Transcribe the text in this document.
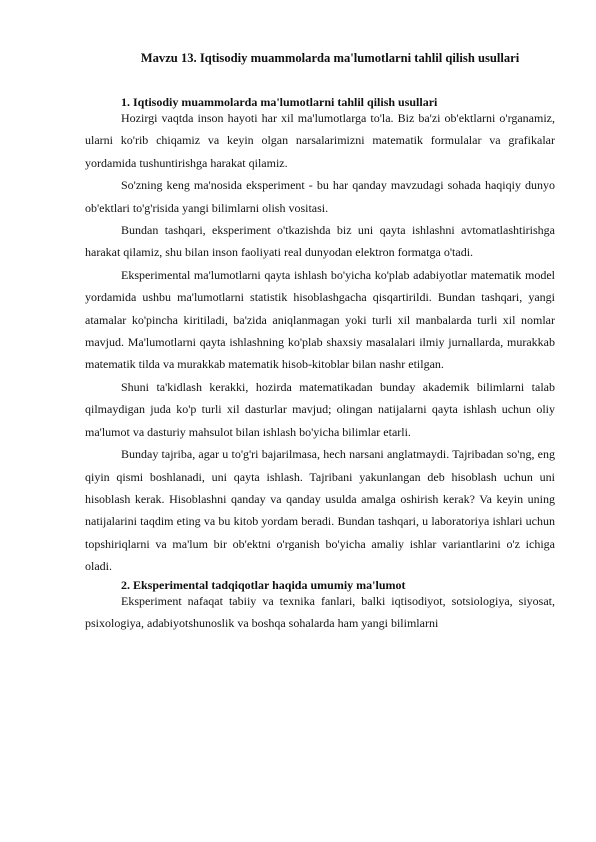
Mavzu 13. Iqtisodiy muammolarda ma'lumotlarni tahlil qilish usullari
1. Iqtisodiy muammolarda ma'lumotlarni tahlil qilish usullari

Hozirgi vaqtda inson hayoti har xil ma'lumotlarga to'la. Biz ba'zi ob'ektlarni o'rganamiz, ularni ko'rib chiqamiz va keyin olgan narsalarimizni matematik formulalar va grafikalar yordamida tushuntirishga harakat qilamiz.

So'zning keng ma'nosida eksperiment - bu har qanday mavzudagi sohada haqiqiy dunyo ob'ektlari to'g'risida yangi bilimlarni olish vositasi.

Bundan tashqari, eksperiment o'tkazishda biz uni qayta ishlashni avtomatlashtirishga harakat qilamiz, shu bilan inson faoliyati real dunyodan elektron formatga o'tadi.

Eksperimental ma'lumotlarni qayta ishlash bo'yicha ko'plab adabiyotlar matematik model yordamida ushbu ma'lumotlarni statistik hisoblashgacha qisqartirildi. Bundan tashqari, yangi atamalar ko'pincha kiritiladi, ba'zida aniqlanmagan yoki turli xil manbalarda turli xil nomlar mavjud. Ma'lumotlarni qayta ishlashning ko'plab shaxsiy masalalari ilmiy jurnallarda, murakkab matematik tilda va murakkab matematik hisob-kitoblar bilan nashr etilgan.

Shuni ta'kidlash kerakki, hozirda matematikadan bunday akademik bilimlarni talab qilmaydigan juda ko'p turli xil dasturlar mavjud; olingan natijalarni qayta ishlash uchun oliy ma'lumot va dasturiy mahsulot bilan ishlash bo'yicha bilimlar etarli.

Bunday tajriba, agar u to'g'ri bajarilmasa, hech narsani anglatmaydi. Tajribadan so'ng, eng qiyin qismi boshlanadi, uni qayta ishlash. Tajribani yakunlangan deb hisoblash uchun uni hisoblash kerak. Hisoblashni qanday va qanday usulda amalga oshirish kerak? Va keyin uning natijalarini taqdim eting va bu kitob yordam beradi. Bundan tashqari, u laboratoriya ishlari uchun topshiriqlarni va ma'lum bir ob'ektni o'rganish bo'yicha amaliy ishlar variantlarini o'z ichiga oladi.

2. Eksperimental tadqiqotlar haqida umumiy ma'lumot

Eksperiment nafaqat tabiiy va texnika fanlari, balki iqtisodiyot, sotsiologiya, siyosat, psixologiya, adabiyotshunoslik va boshqa sohalarda ham yangi bilimlarni
